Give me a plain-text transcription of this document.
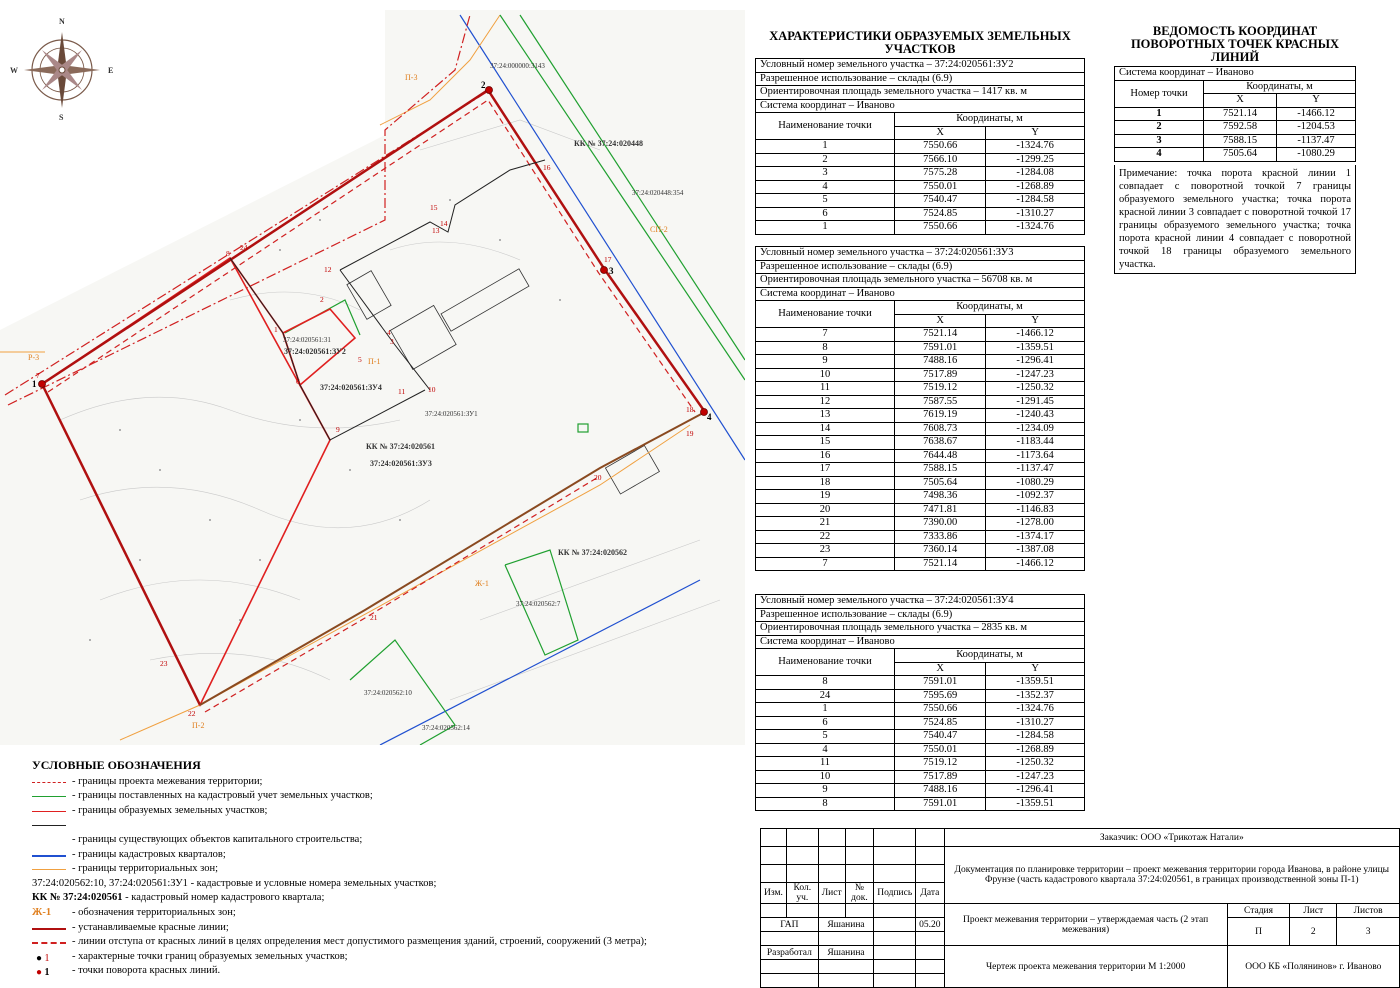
7
8
9
10
11
12
13
14
15
16
17
18
19
20
21
22
23
24
1
2
4
5
6
3
1
2
3
4
N
E
S
W
КК № 37:24:020448
КК № 37:24:020561
37:24:020561:ЗУ3
КК № 37:24:020562
37:24:020561:ЗУ4
37:24:020561:ЗУ2
37:24:020561:ЗУ1
37:24:020561:31
37:24:000000:3143
37:24:020448:354
37:24:020562:7
37:24:020562:10
37:24:020562:14
П-1
П-3
Р-3
СП-2
Ж-1
П-2
ХАРАКТЕРИСТИКИ ОБРАЗУЕМЫХ ЗЕМЕЛЬНЫХ УЧАСТКОВ
Условный номер земельного участка – 37:24:020561:ЗУ2		
Разрешенное использование – склады (6.9)		
Ориентировочная площадь земельного участка – 1417 кв. м		
Система координат – Иваново		
Наименование точки	Координаты, м	
	X	Y
1	7550.66	-1324.76
2	7566.10	-1299.25
3	7575.28	-1284.08
4	7550.01	-1268.89
5	7540.47	-1284.58
6	7524.85	-1310.27
1	7550.66	-1324.76
Условный номер земельного участка – 37:24:020561:ЗУ3		
Разрешенное использование – склады (6.9)		
Ориентировочная площадь земельного участка – 56708 кв. м		
Система координат – Иваново		
Наименование точки	Координаты, м	
	X	Y
7	7521.14	-1466.12
8	7591.01	-1359.51
9	7488.16	-1296.41
10	7517.89	-1247.23
11	7519.12	-1250.32
12	7587.55	-1291.45
13	7619.19	-1240.43
14	7608.73	-1234.09
15	7638.67	-1183.44
16	7644.48	-1173.64
17	7588.15	-1137.47
18	7505.64	-1080.29
19	7498.36	-1092.37
20	7471.81	-1146.83
21	7390.00	-1278.00
22	7333.86	-1374.17
23	7360.14	-1387.08
7	7521.14	-1466.12
Условный номер земельного участка – 37:24:020561:ЗУ4		
Разрешенное использование – склады (6.9)		
Ориентировочная площадь земельного участка – 2835 кв. м		
Система координат – Иваново		
Наименование точки	Координаты, м	
	X	Y
8	7591.01	-1359.51
24	7595.69	-1352.37
1	7550.66	-1324.76
6	7524.85	-1310.27
5	7540.47	-1284.58
4	7550.01	-1268.89
11	7519.12	-1250.32
10	7517.89	-1247.23
9	7488.16	-1296.41
8	7591.01	-1359.51
ВЕДОМОСТЬ КООРДИНАТ ПОВОРОТНЫХ ТОЧЕК КРАСНЫХ ЛИНИЙ
Система координат – Иваново		
Номер точки	Координаты, м	
	X	Y
1	7521.14	-1466.12
2	7592.58	-1204.53
3	7588.15	-1137.47
4	7505.64	-1080.29
Примечание: точка порота красной линии 1 совпадает с поворотной точкой 7 границы образуемого земельного участка; точка порота красной линии 3 совпадает с поворотной точкой 17 границы образуемого земельного участка; точка порота красной линии 4 совпадает с поворотной точкой 18 границы образуемого земельного участка.
УСЛОВНЫЕ ОБОЗНАЧЕНИЯ
- границы проекта межевания территории;
- границы поставленных на кадастровый учет земельных участков;
- границы образуемых земельных участков;
- границы существующих объектов капитального строительства;
- границы кадастровых кварталов;
- границы территориальных зон;
37:24:020562:10, 37:24:020561:ЗУ1 - кадастровые и условные номера земельных участков;
КК № 37:24:020561 - кадастровый номер кадастрового квартала;
Ж-1 - обозначения территориальных зон;
- устанавливаемые красные линии;
- линии отступа от красных линий в целях определения мест допустимого размещения зданий, строений, сооружений (3 метра);
● 1 - характерные точки границ образуемых земельных участков;
● 1 - точки поворота красных линий.
						Заказчик: ООО «Трикотаж Натали»			
						Документация по планировке территории – проект межевания территории города Иванова, в районе улицы Фрунзе (часть кадастрового квартала 37:24:020561, в границах производственной зоны П-1)			

Изм.	Кол. уч.	Лист	№ док.	Подпись	Дата				
						Проект межевания территории – утверждаемая часть (2 этап межевания)	Стадия	Лист	Листов
ГАП		Яшанина			05.20		П	2	3

Разработал		Яшанина				Чертеж проекта межевания территории М 1:2000	ООО КБ «Полянинов» г. Иваново		
